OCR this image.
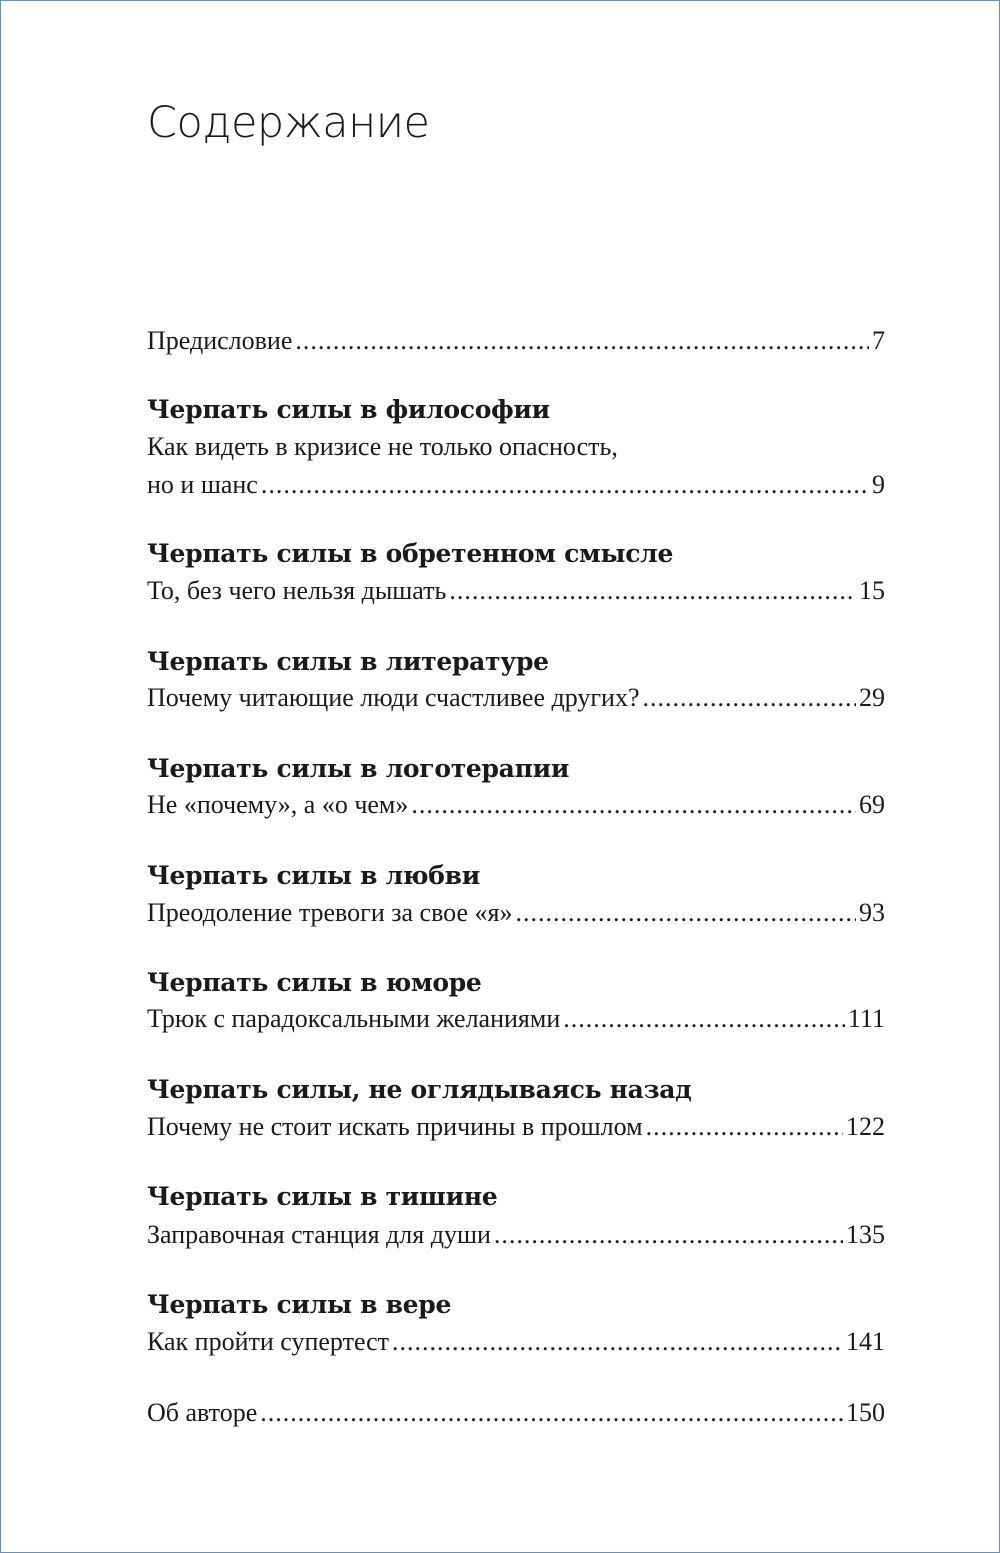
Содержание
Предисловие .....	7
Черпать силы в философии
Как видеть в кризисе не только опасность,
но и шанс .....	9
Черпать силы в обретенном смысле
То, без чего нельзя дышать .....	15
Черпать силы в литературе
Почему читающие люди счастливее других? .....	29
Черпать силы в логотерапии
Не «почему», а «о чем» .....	69
Черпать силы в любви
Преодоление тревоги за свое «я» .....	93
Черпать силы в юморе
Трюк с парадоксальными желаниями .....	111
Черпать силы, не оглядываясь назад
Почему не стоит искать причины в прошлом .....	122
Черпать силы в тишине
Заправочная станция для души .....	135
Черпать силы в вере
Как пройти супертест .....	141
Об авторе .....	150
